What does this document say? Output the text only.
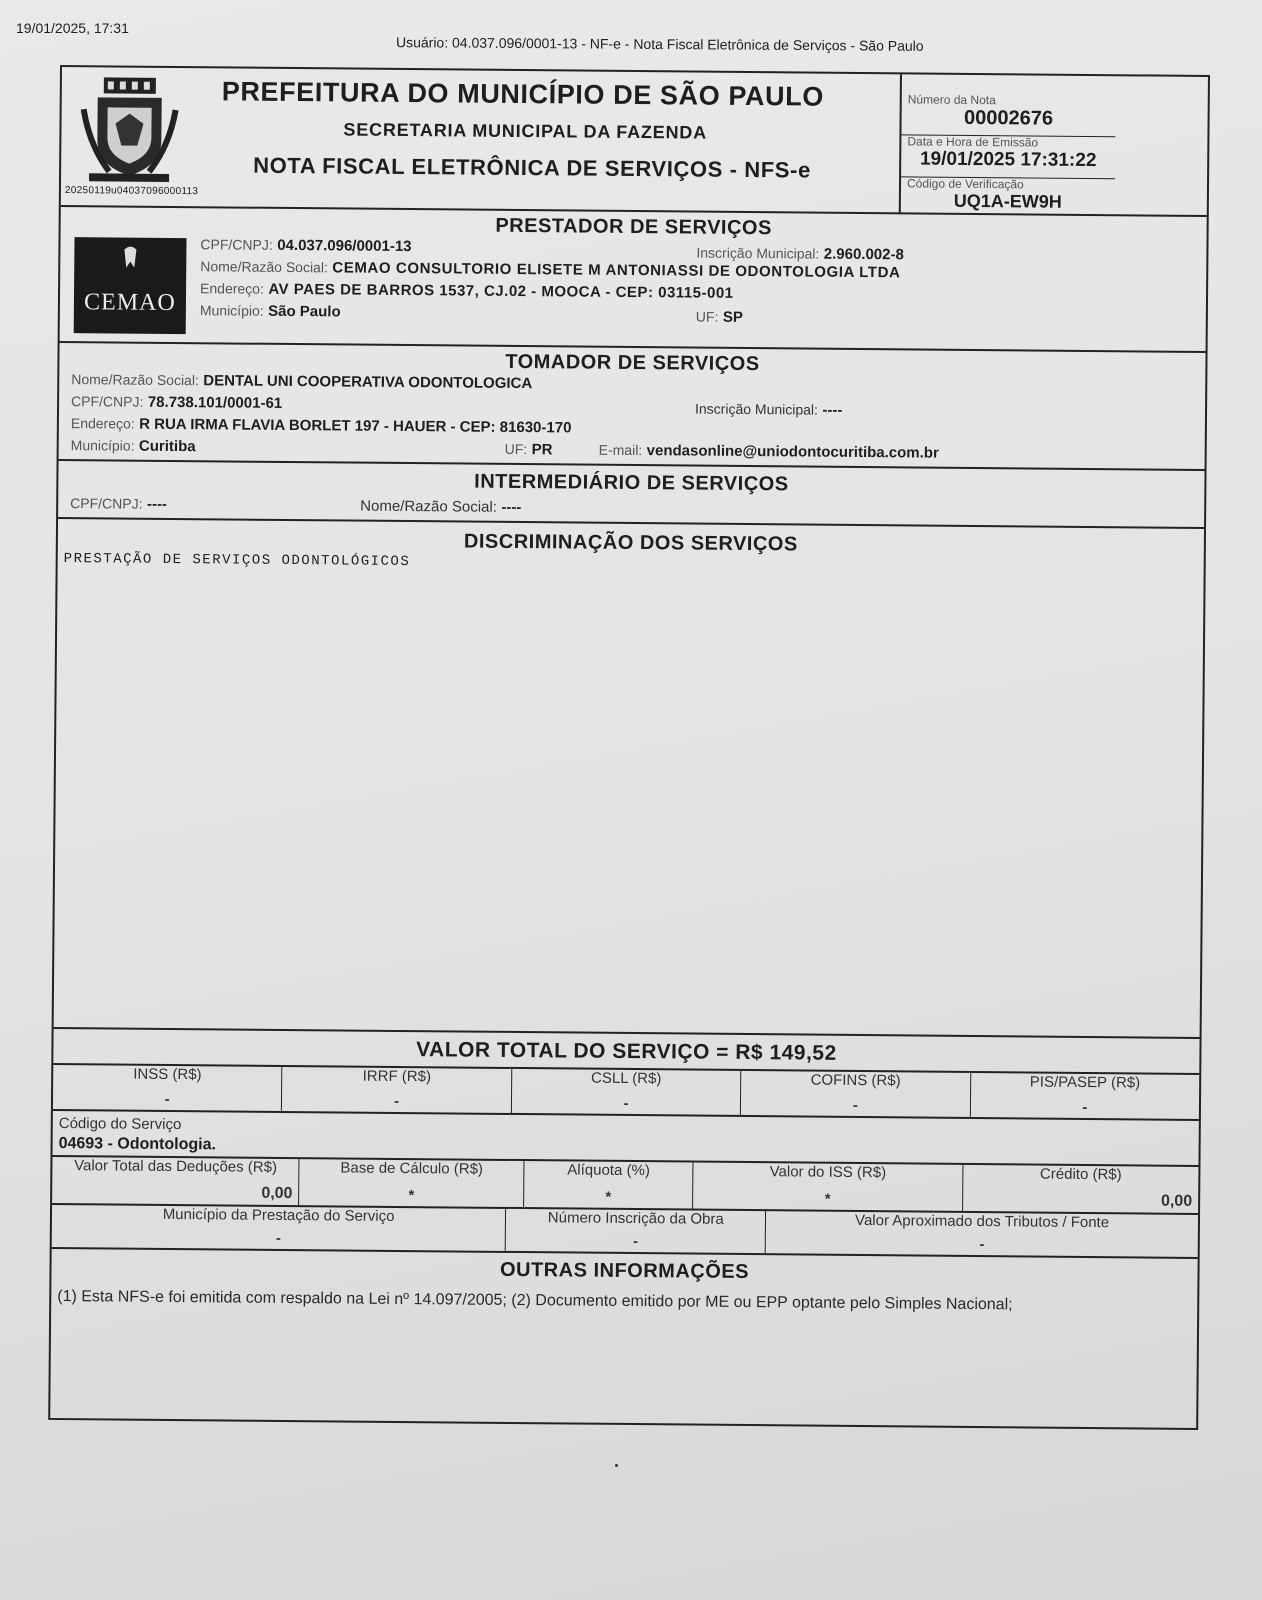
19/01/2025, 17:31
Usuário: 04.037.096/0001-13 - NF-e - Nota Fiscal Eletrônica de Serviços - São Paulo
20250119u04037096000113
PREFEITURA DO MUNICÍPIO DE SÃO PAULO
SECRETARIA MUNICIPAL DA FAZENDA
NOTA FISCAL ELETRÔNICA DE SERVIÇOS - NFS-e
Número da Nota
00002676
Data e Hora de Emissão
19/01/2025 17:31:22
Código de Verificação
UQ1A-EW9H
PRESTADOR DE SERVIÇOS
CEMAO
CPF/CNPJ: 04.037.096/0001-13	Inscrição Municipal: 2.960.002-8
Nome/Razão Social: CEMAO CONSULTORIO ELISETE M ANTONIASSI DE ODONTOLOGIA LTDA
Endereço: AV PAES DE BARROS 1537, CJ.02 - MOOCA - CEP: 03115-001
Município: São Paulo	UF: SP
TOMADOR DE SERVIÇOS
Nome/Razão Social: DENTAL UNI COOPERATIVA ODONTOLOGICA
CPF/CNPJ: 78.738.101/0001-61	Inscrição Municipal: ----
Endereço: R RUA IRMA FLAVIA BORLET 197 - HAUER - CEP: 81630-170
Município: Curitiba	UF: PR	E-mail: vendasonline@uniodontocuritiba.com.br
INTERMEDIÁRIO DE SERVIÇOS
CPF/CNPJ: ----	Nome/Razão Social: ----
DISCRIMINAÇÃO DOS SERVIÇOS
PRESTAÇÃO DE SERVIÇOS ODONTOLÓGICOS
VALOR TOTAL DO SERVIÇO = R$ 149,52
INSS (R$)
-
IRRF (R$)
-
CSLL (R$)
-
COFINS (R$)
-
PIS/PASEP (R$)
-
Código do Serviço
04693 - Odontologia.
Valor Total das Deduções (R$)
0,00
Base de Cálculo (R$)
*
Alíquota (%)
*
Valor do ISS (R$)
*
Crédito (R$)
0,00
Município da Prestação do Serviço
-
Número Inscrição da Obra
-
Valor Aproximado dos Tributos / Fonte
-
OUTRAS INFORMAÇÕES
(1) Esta NFS-e foi emitida com respaldo na Lei nº 14.097/2005; (2) Documento emitido por ME ou EPP optante pelo Simples Nacional;
